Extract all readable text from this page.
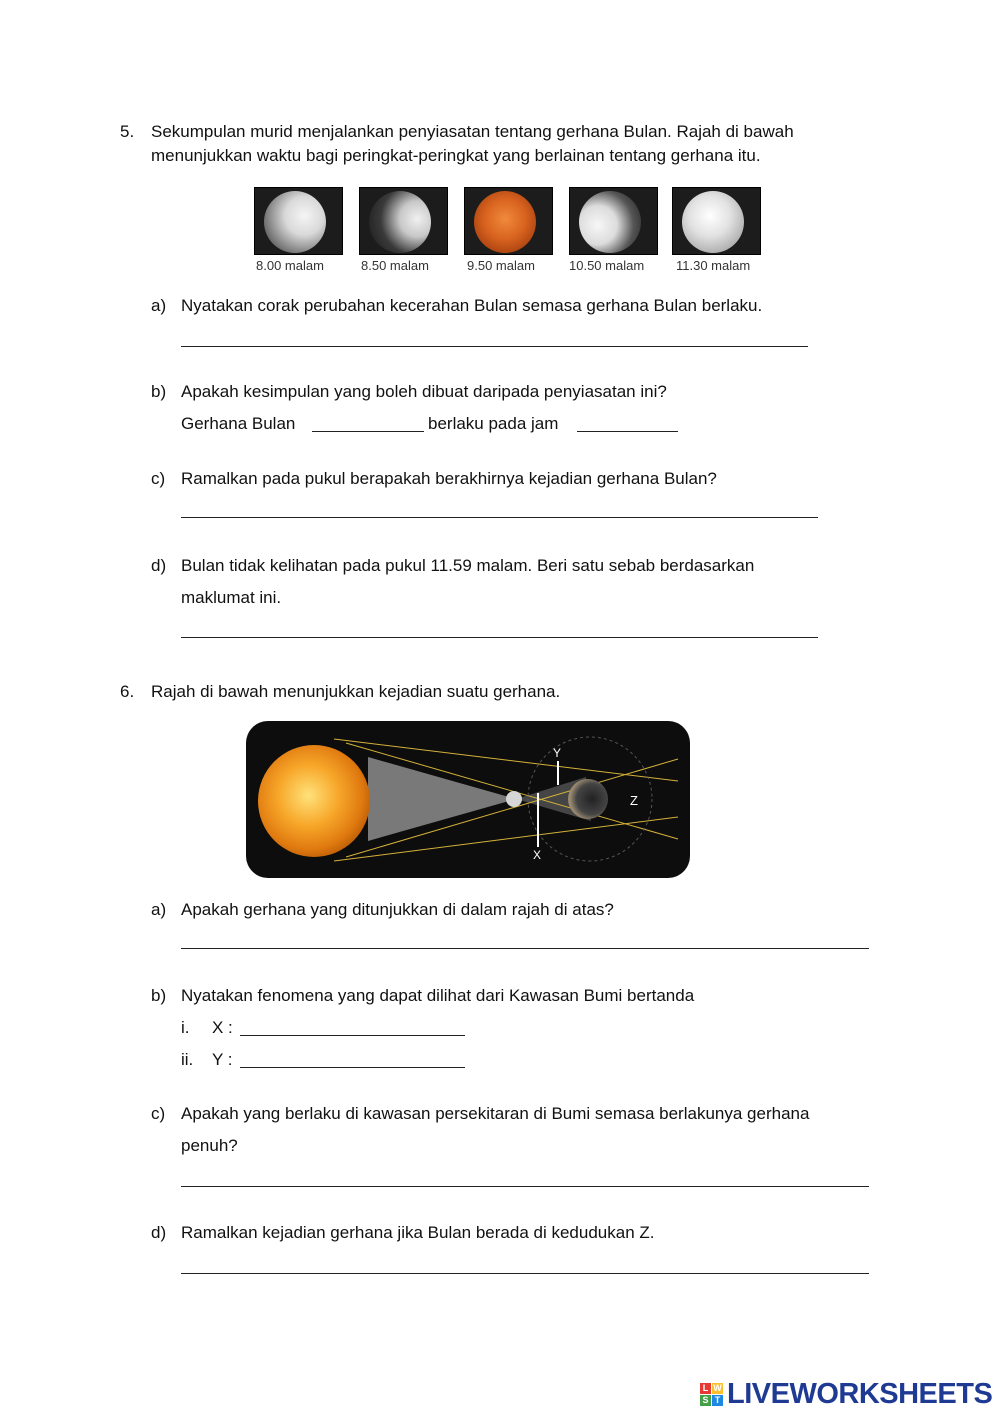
5. Sekumpulan murid menjalankan penyiasatan tentang gerhana Bulan. Rajah di bawah
menunjukkan waktu bagi peringkat-peringkat yang berlainan tentang gerhana itu.
8.00 malam	8.50 malam	9.50 malam	10.50 malam 11.30 malam
a) Nyatakan corak perubahan kecerahan Bulan semasa gerhana Bulan berlaku.
b) Apakah kesimpulan yang boleh dibuat daripada penyiasatan ini?
Gerhana Bulan	berlaku pada jam
c) Ramalkan pada pukul berapakah berakhirnya kejadian gerhana Bulan?
d) Bulan tidak kelihatan pada pukul 11.59 malam. Beri satu sebab berdasarkan
maklumat ini.
6. Rajah di bawah menunjukkan kejadian suatu gerhana.
Y
X
Z
a) Apakah gerhana yang ditunjukkan di dalam rajah di atas?
b) Nyatakan fenomena yang dapat dilihat dari Kawasan Bumi bertanda
i. X :
ii. Y :
c) Apakah yang berlaku di kawasan persekitaran di Bumi semasa berlakunya gerhana
penuh?
d) Ramalkan kejadian gerhana jika Bulan berada di kedudukan Z.
L W
S T LIVEWORKSHEETS
